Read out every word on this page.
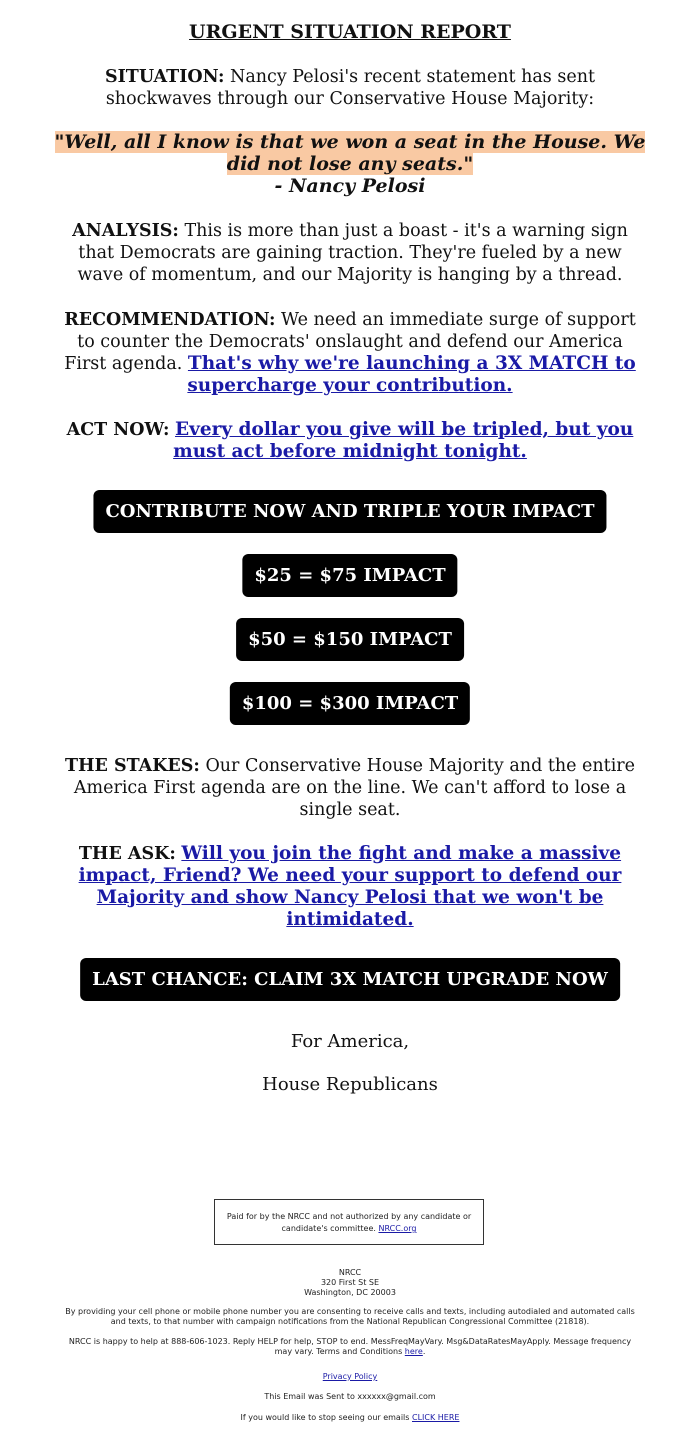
URGENT SITUATION REPORT
SITUATION: Nancy Pelosi's recent statement has sent shockwaves through our Conservative House Majority:
"Well, all I know is that we won a seat in the House. We did not lose any seats."
- Nancy Pelosi
ANALYSIS: This is more than just a boast - it's a warning sign that Democrats are gaining traction. They're fueled by a new wave of momentum, and our Majority is hanging by a thread.
RECOMMENDATION: We need an immediate surge of support to counter the Democrats' onslaught and defend our America First agenda. That's why we're launching a 3X MATCH to supercharge your contribution.
ACT NOW: Every dollar you give will be tripled, but you must act before midnight tonight.
CONTRIBUTE NOW AND TRIPLE YOUR IMPACT
$25 = $75 IMPACT
$50 = $150 IMPACT
$100 = $300 IMPACT
THE STAKES: Our Conservative House Majority and the entire America First agenda are on the line. We can't afford to lose a single seat.
THE ASK: Will you join the fight and make a massive impact, Friend? We need your support to defend our Majority and show Nancy Pelosi that we won't be intimidated.
LAST CHANCE: CLAIM 3X MATCH UPGRADE NOW
For America,
House Republicans
Paid for by the NRCC and not authorized by any candidate or candidate's committee. NRCC.org
NRCC
320 First St SE
Washington, DC 20003
By providing your cell phone or mobile phone number you are consenting to receive calls and texts, including autodialed and automated calls and texts, to that number with campaign notifications from the National Republican Congressional Committee (21818).
NRCC is happy to help at 888-606-1023. Reply HELP for help, STOP to end. MessFreqMayVary. Msg&DataRatesMayApply. Message frequency may vary. Terms and Conditions here.
Privacy Policy
This Email was Sent to xxxxxx@gmail.com
If you would like to stop seeing our emails CLICK HERE
